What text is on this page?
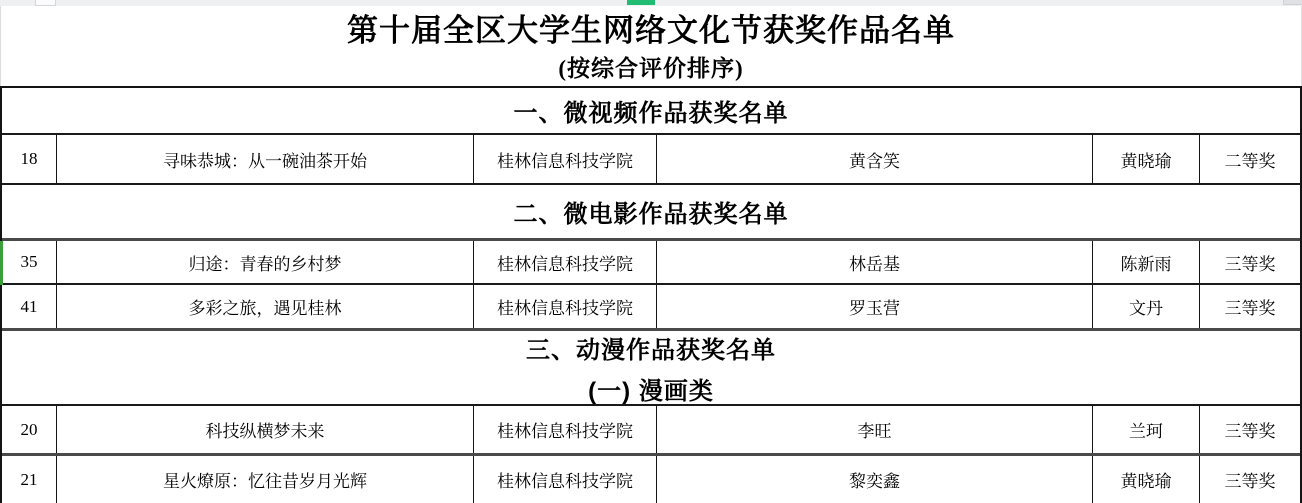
第十届全区大学生网络文化节获奖作品名单
(按综合评价排序)
一、微视频作品获奖名单
18	寻味恭城：从一碗油茶开始	桂林信息科技学院	黄含笑	黄晓瑜	二等奖
二、微电影作品获奖名单
35	归途：青春的乡村梦	桂林信息科技学院	林岳基	陈新雨	三等奖
41	多彩之旅，遇见桂林	桂林信息科技学院	罗玉营	文丹	三等奖
三、动漫作品获奖名单
(一) 漫画类
20	科技纵横梦未来	桂林信息科技学院	李旺	兰珂	三等奖
21	星火燎原：忆往昔岁月光辉	桂林信息科技学院	黎奕鑫	黄晓瑜	三等奖
